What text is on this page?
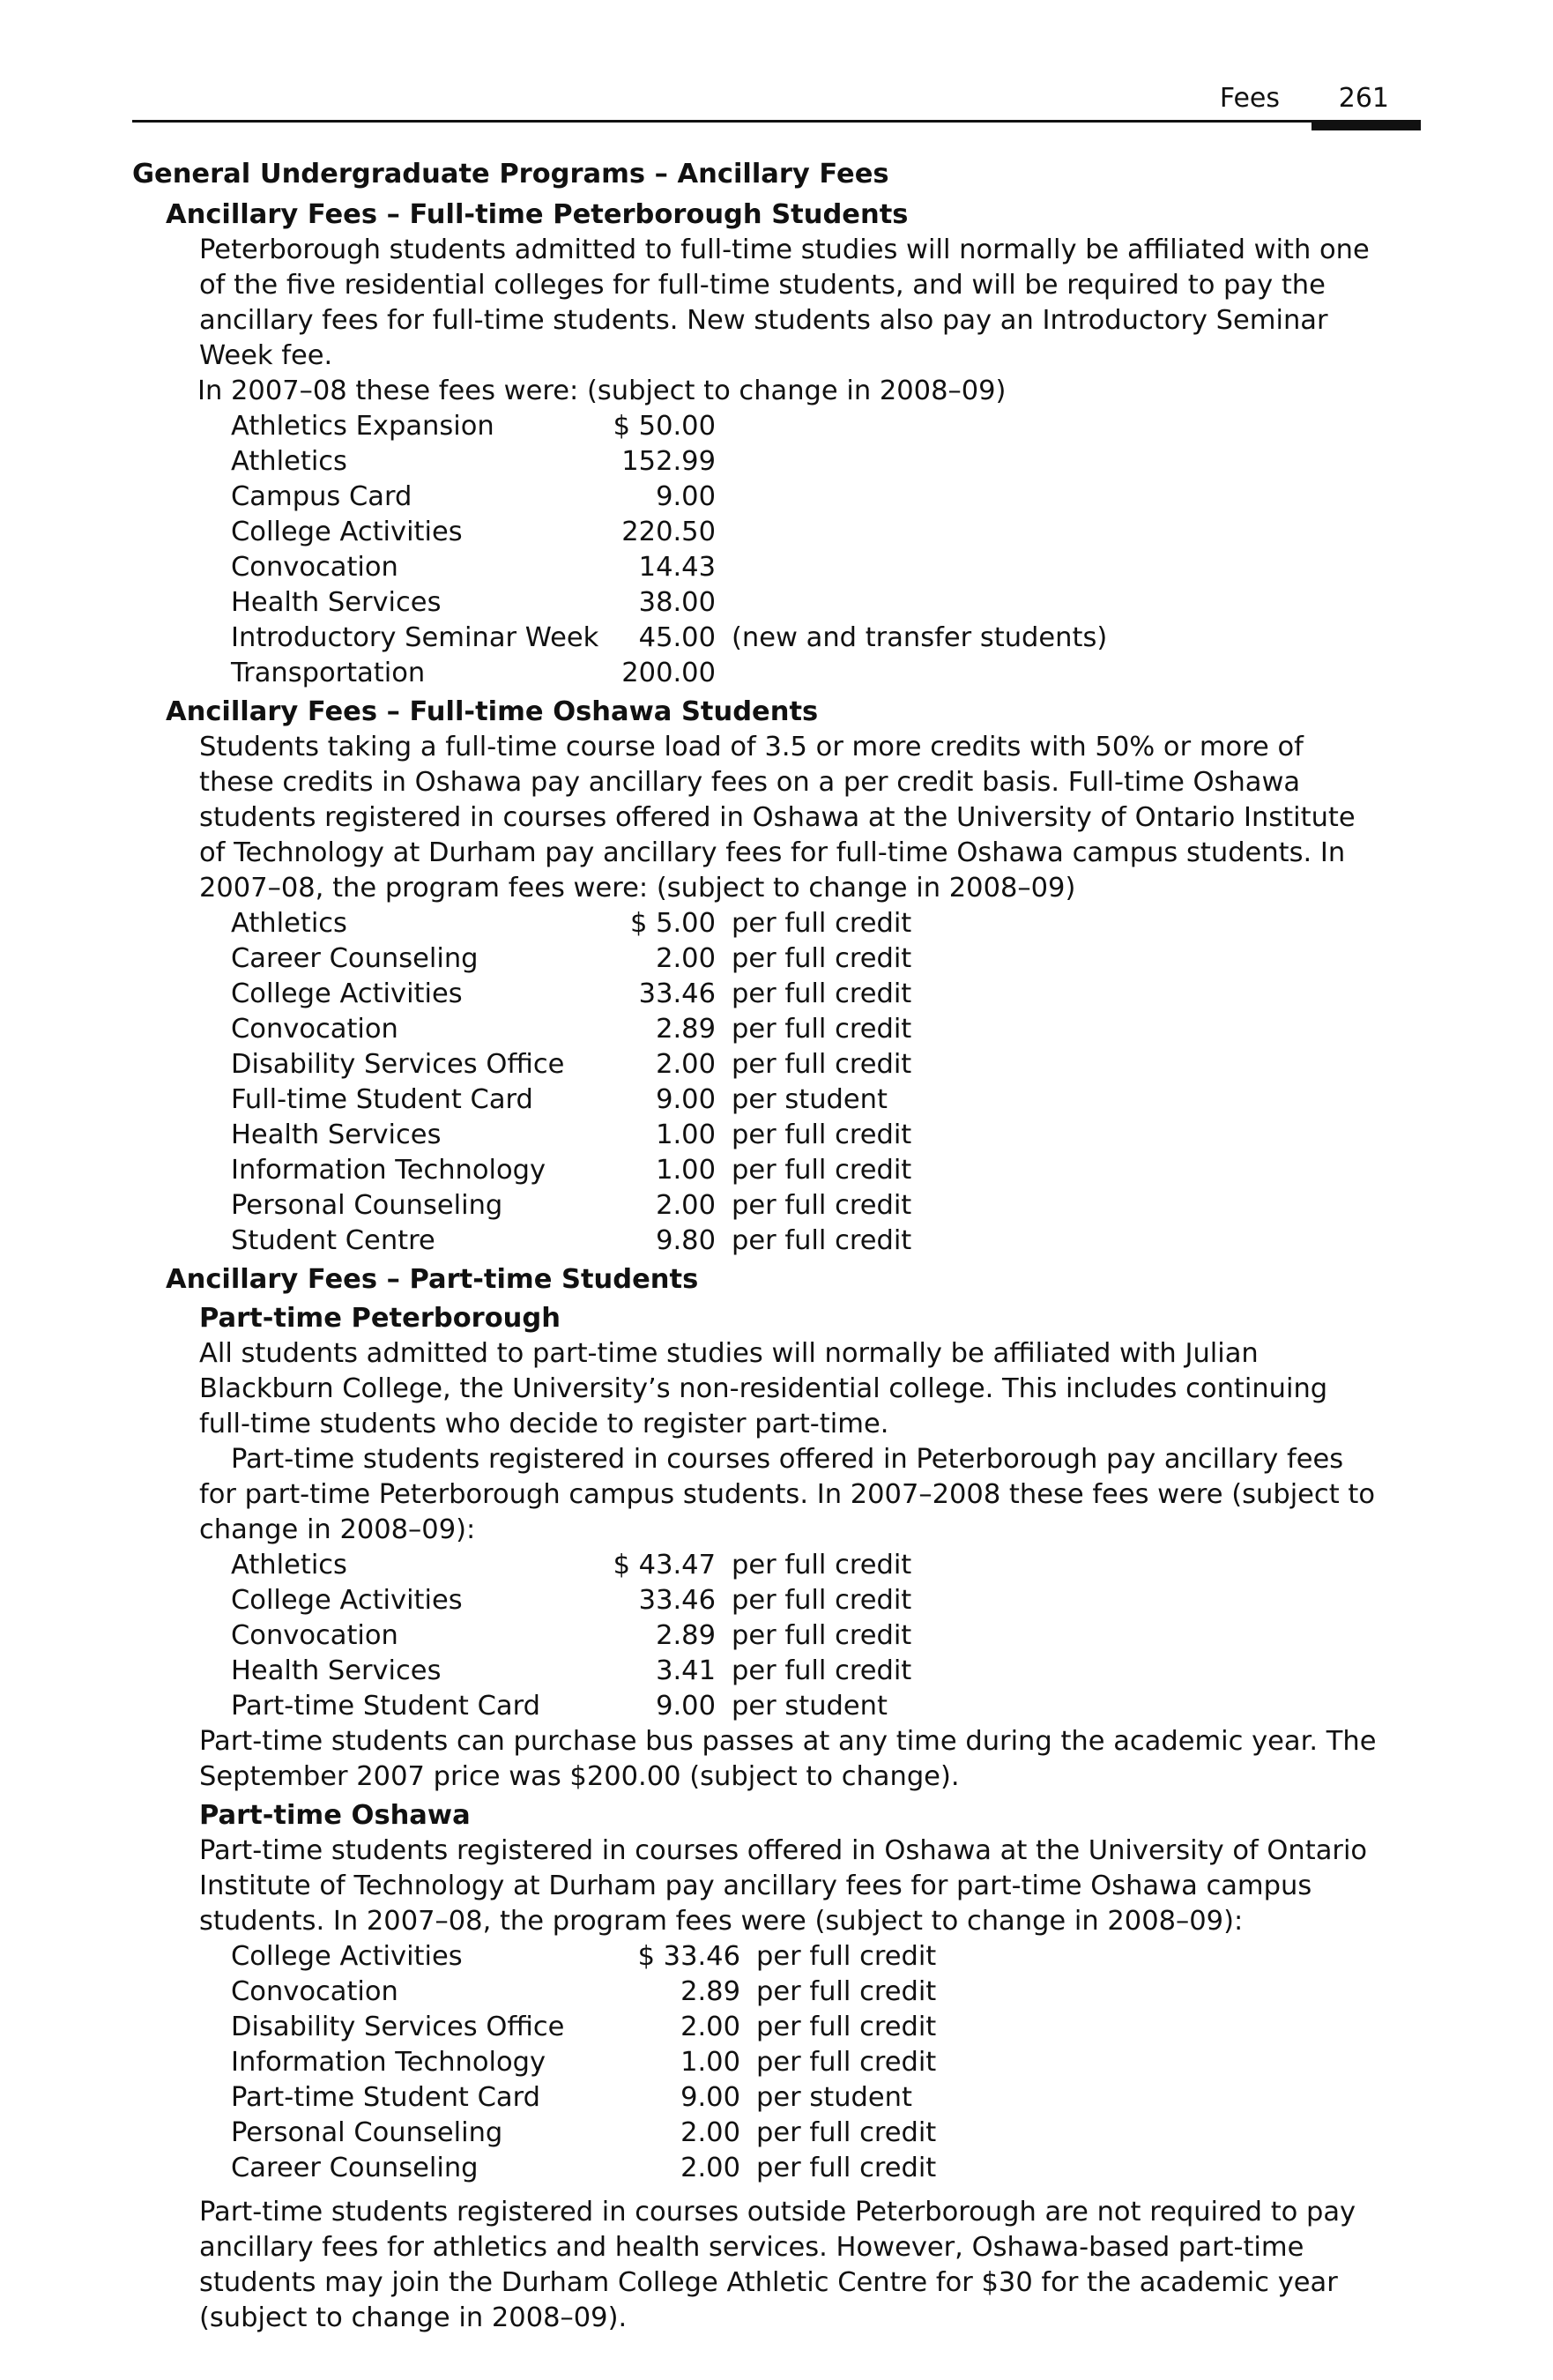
Fees 261
General Undergraduate Programs – Ancillary Fees
Ancillary Fees – Full-time Peterborough Students
Peterborough students admitted to full-time studies will normally be affiliated with one of the five residential colleges for full-time students, and will be required to pay the ancillary fees for full-time students. New students also pay an Introductory Seminar Week fee.
In 2007–08 these fees were: (subject to change in 2008–09)
Athletics Expansion	$ 50.00
Athletics	152.99
Campus Card	9.00
College Activities	220.50
Convocation	14.43
Health Services	38.00
Introductory Seminar Week	45.00 (new and transfer students)
Transportation	200.00
Ancillary Fees – Full-time Oshawa Students
Students taking a full-time course load of 3.5 or more credits with 50% or more of these credits in Oshawa pay ancillary fees on a per credit basis. Full-time Oshawa students registered in courses offered in Oshawa at the University of Ontario Institute of Technology at Durham pay ancillary fees for full-time Oshawa campus students. In 2007–08, the program fees were: (subject to change in 2008–09)
Athletics	$ 5.00 per full credit
Career Counseling	2.00 per full credit
College Activities	33.46 per full credit
Convocation	2.89 per full credit
Disability Services Office	2.00 per full credit
Full-time Student Card	9.00 per student
Health Services	1.00 per full credit
Information Technology	1.00 per full credit
Personal Counseling	2.00 per full credit
Student Centre	9.80 per full credit
Ancillary Fees – Part-time Students
Part-time Peterborough
All students admitted to part-time studies will normally be affiliated with Julian Blackburn College, the University’s non-residential college. This includes continuing full-time students who decide to register part-time.
Part-time students registered in courses offered in Peterborough pay ancillary fees for part-time Peterborough campus students. In 2007–2008 these fees were (subject to change in 2008–09):
Athletics	$ 43.47 per full credit
College Activities	33.46 per full credit
Convocation	2.89 per full credit
Health Services	3.41 per full credit
Part-time Student Card	9.00 per student
Part-time students can purchase bus passes at any time during the academic year. The September 2007 price was $200.00 (subject to change).
Part-time Oshawa
Part-time students registered in courses offered in Oshawa at the University of Ontario Institute of Technology at Durham pay ancillary fees for part-time Oshawa campus students. In 2007–08, the program fees were (subject to change in 2008–09):
College Activities	$ 33.46 per full credit
Convocation	2.89 per full credit
Disability Services Office	2.00 per full credit
Information Technology	1.00 per full credit
Part-time Student Card	9.00 per student
Personal Counseling	2.00 per full credit
Career Counseling	2.00 per full credit
Part-time students registered in courses outside Peterborough are not required to pay ancillary fees for athletics and health services. However, Oshawa-based part-time students may join the Durham College Athletic Centre for $30 for the academic year (subject to change in 2008–09).
